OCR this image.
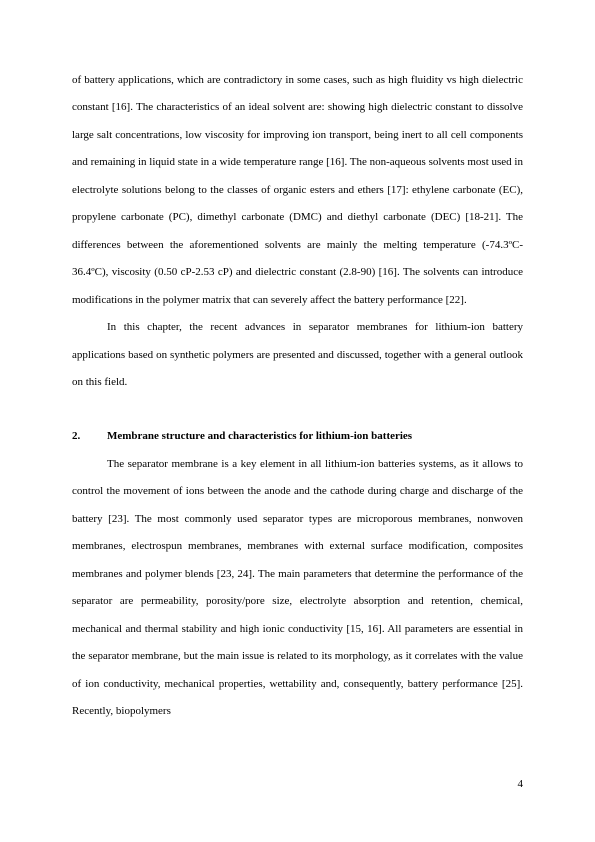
of battery applications, which are contradictory in some cases, such as high fluidity vs high dielectric constant [16]. The characteristics of an ideal solvent are: showing high dielectric constant to dissolve large salt concentrations, low viscosity for improving ion transport, being inert to all cell components and remaining in liquid state in a wide temperature range [16]. The non-aqueous solvents most used in electrolyte solutions belong to the classes of organic esters and ethers [17]: ethylene carbonate (EC), propylene carbonate (PC), dimethyl carbonate (DMC) and diethyl carbonate (DEC) [18-21]. The differences between the aforementioned solvents are mainly the melting temperature (-74.3ºC-36.4ºC), viscosity (0.50 cP-2.53 cP) and dielectric constant (2.8-90) [16]. The solvents can introduce modifications in the polymer matrix that can severely affect the battery performance [22].

In this chapter, the recent advances in separator membranes for lithium-ion battery applications based on synthetic polymers are presented and discussed, together with a general outlook on this field.

2.	Membrane structure and characteristics for lithium-ion batteries

The separator membrane is a key element in all lithium-ion batteries systems, as it allows to control the movement of ions between the anode and the cathode during charge and discharge of the battery [23]. The most commonly used separator types are microporous membranes, nonwoven membranes, electrospun membranes, membranes with external surface modification, composites membranes and polymer blends [23, 24]. The main parameters that determine the performance of the separator are permeability, porosity/pore size, electrolyte absorption and retention, chemical, mechanical and thermal stability and high ionic conductivity [15, 16]. All parameters are essential in the separator membrane, but the main issue is related to its morphology, as it correlates with the value of ion conductivity, mechanical properties, wettability and, consequently, battery performance [25]. Recently, biopolymers

4
